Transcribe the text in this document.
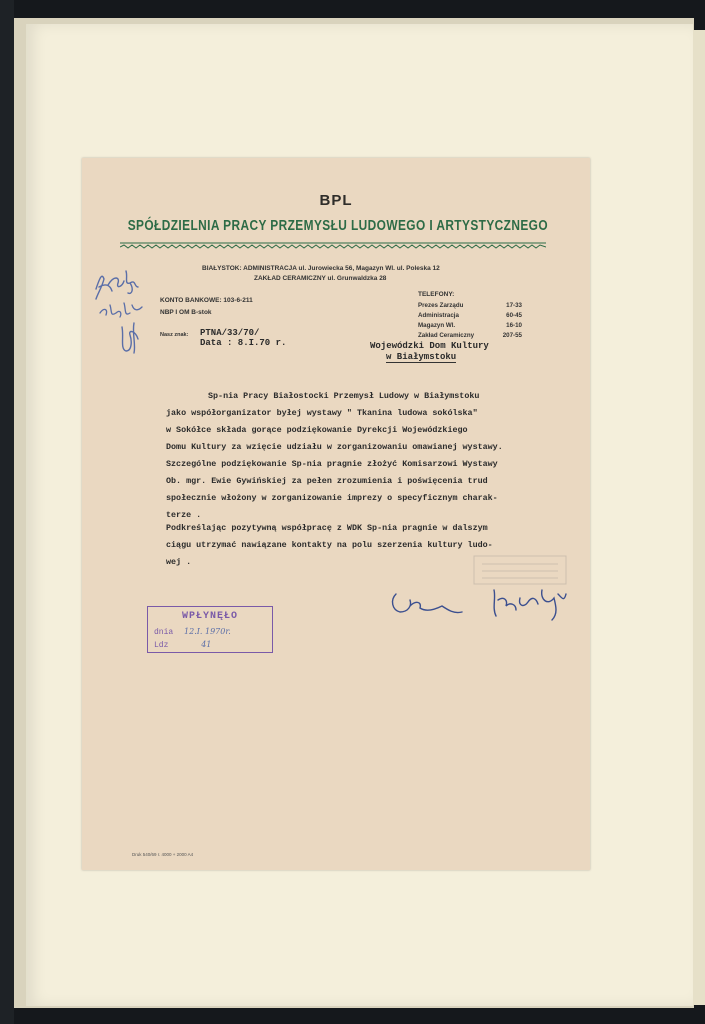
BPL
SPÓŁDZIELNIA PRACY PRZEMYSŁU LUDOWEGO I ARTYSTYCZNEGO
BIAŁYSTOK: ADMINISTRACJA ul. Jurowiecka 56, Magazyn Wl. ul. Poleska 12
ZAKŁAD CERAMICZNY ul. Grunwaldzka 28
KONTO BANKOWE: 103-6-211
NBP I OM B-stok
TELEFONY:
Prezes Zarządu	17-33
Administracja	60-45
Magazyn Wl.	16-10
Zakład Ceramiczny	207-55
Nasz znak: PTNA/33/70/
Data : 8.I.70 r.	Wojewódzki Dom Kultury
w Białymstoku
Sp-nia Pracy Białostocki Przemysł Ludowy w Białymstoku
jako współorganizator byłej wystawy " Tkanina ludowa sokólska"
w Sokółce składa gorące podziękowanie Dyrekcji Wojewódzkiego
Domu Kultury za wzięcie udziału w zorganizowaniu omawianej wystawy.
Szczególne podziękowanie Sp-nia pragnie złożyć Komisarzowi Wystawy
Ob. mgr. Ewie Gywińskiej za pełen zrozumienia i poświęcenia trud
społecznie włożony w zorganizowanie imprezy o specyficznym charak-
terze .
Podkreślając pozytywną współpracę z WDK Sp-nia pragnie w dalszym
ciągu utrzymać nawiązane kontakty na polu szerzenia kultury ludo-
wej .
WPŁYNĘŁO
dnia 12.I. 1970r.
Ldz	41
Druk 540/69 r. 4000 + 2000 A4
